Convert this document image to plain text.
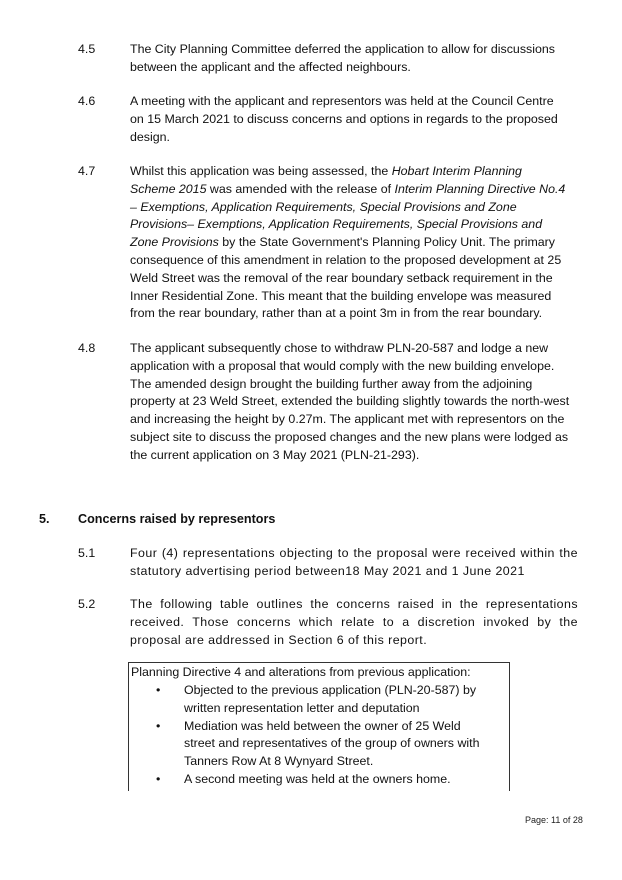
4.5	The City Planning Committee deferred the application to allow for discussions between the applicant and the affected neighbours.
4.6	A meeting with the applicant and representors was held at the Council Centre on 15 March 2021 to discuss concerns and options in regards to the proposed design.
4.7	Whilst this application was being assessed, the Hobart Interim Planning Scheme 2015 was amended with the release of Interim Planning Directive No.4 – Exemptions, Application Requirements, Special Provisions and Zone Provisions– Exemptions, Application Requirements, Special Provisions and Zone Provisions by the State Government's Planning Policy Unit. The primary consequence of this amendment in relation to the proposed development at 25 Weld Street was the removal of the rear boundary setback requirement in the Inner Residential Zone. This meant that the building envelope was measured from the rear boundary, rather than at a point 3m in from the rear boundary.
4.8	The applicant subsequently chose to withdraw PLN-20-587 and lodge a new application with a proposal that would comply with the new building envelope. The amended design brought the building further away from the adjoining property at 23 Weld Street, extended the building slightly towards the north-west and increasing the height by 0.27m. The applicant met with representors on the subject site to discuss the proposed changes and the new plans were lodged as the current application on 3 May 2021 (PLN-21-293).
5. Concerns raised by representors
5.1	Four (4) representations objecting to the proposal were received within the statutory advertising period between18 May 2021 and 1 June 2021
5.2	The following table outlines the concerns raised in the representations received. Those concerns which relate to a discretion invoked by the proposal are addressed in Section 6 of this report.
Planning Directive 4 and alterations from previous application:
• Objected to the previous application (PLN-20-587) by written representation letter and deputation
• Mediation was held between the owner of 25 Weld street and representatives of the group of owners with Tanners Row At 8 Wynyard Street.
• A second meeting was held at the owners home.
Page: 11 of 28
